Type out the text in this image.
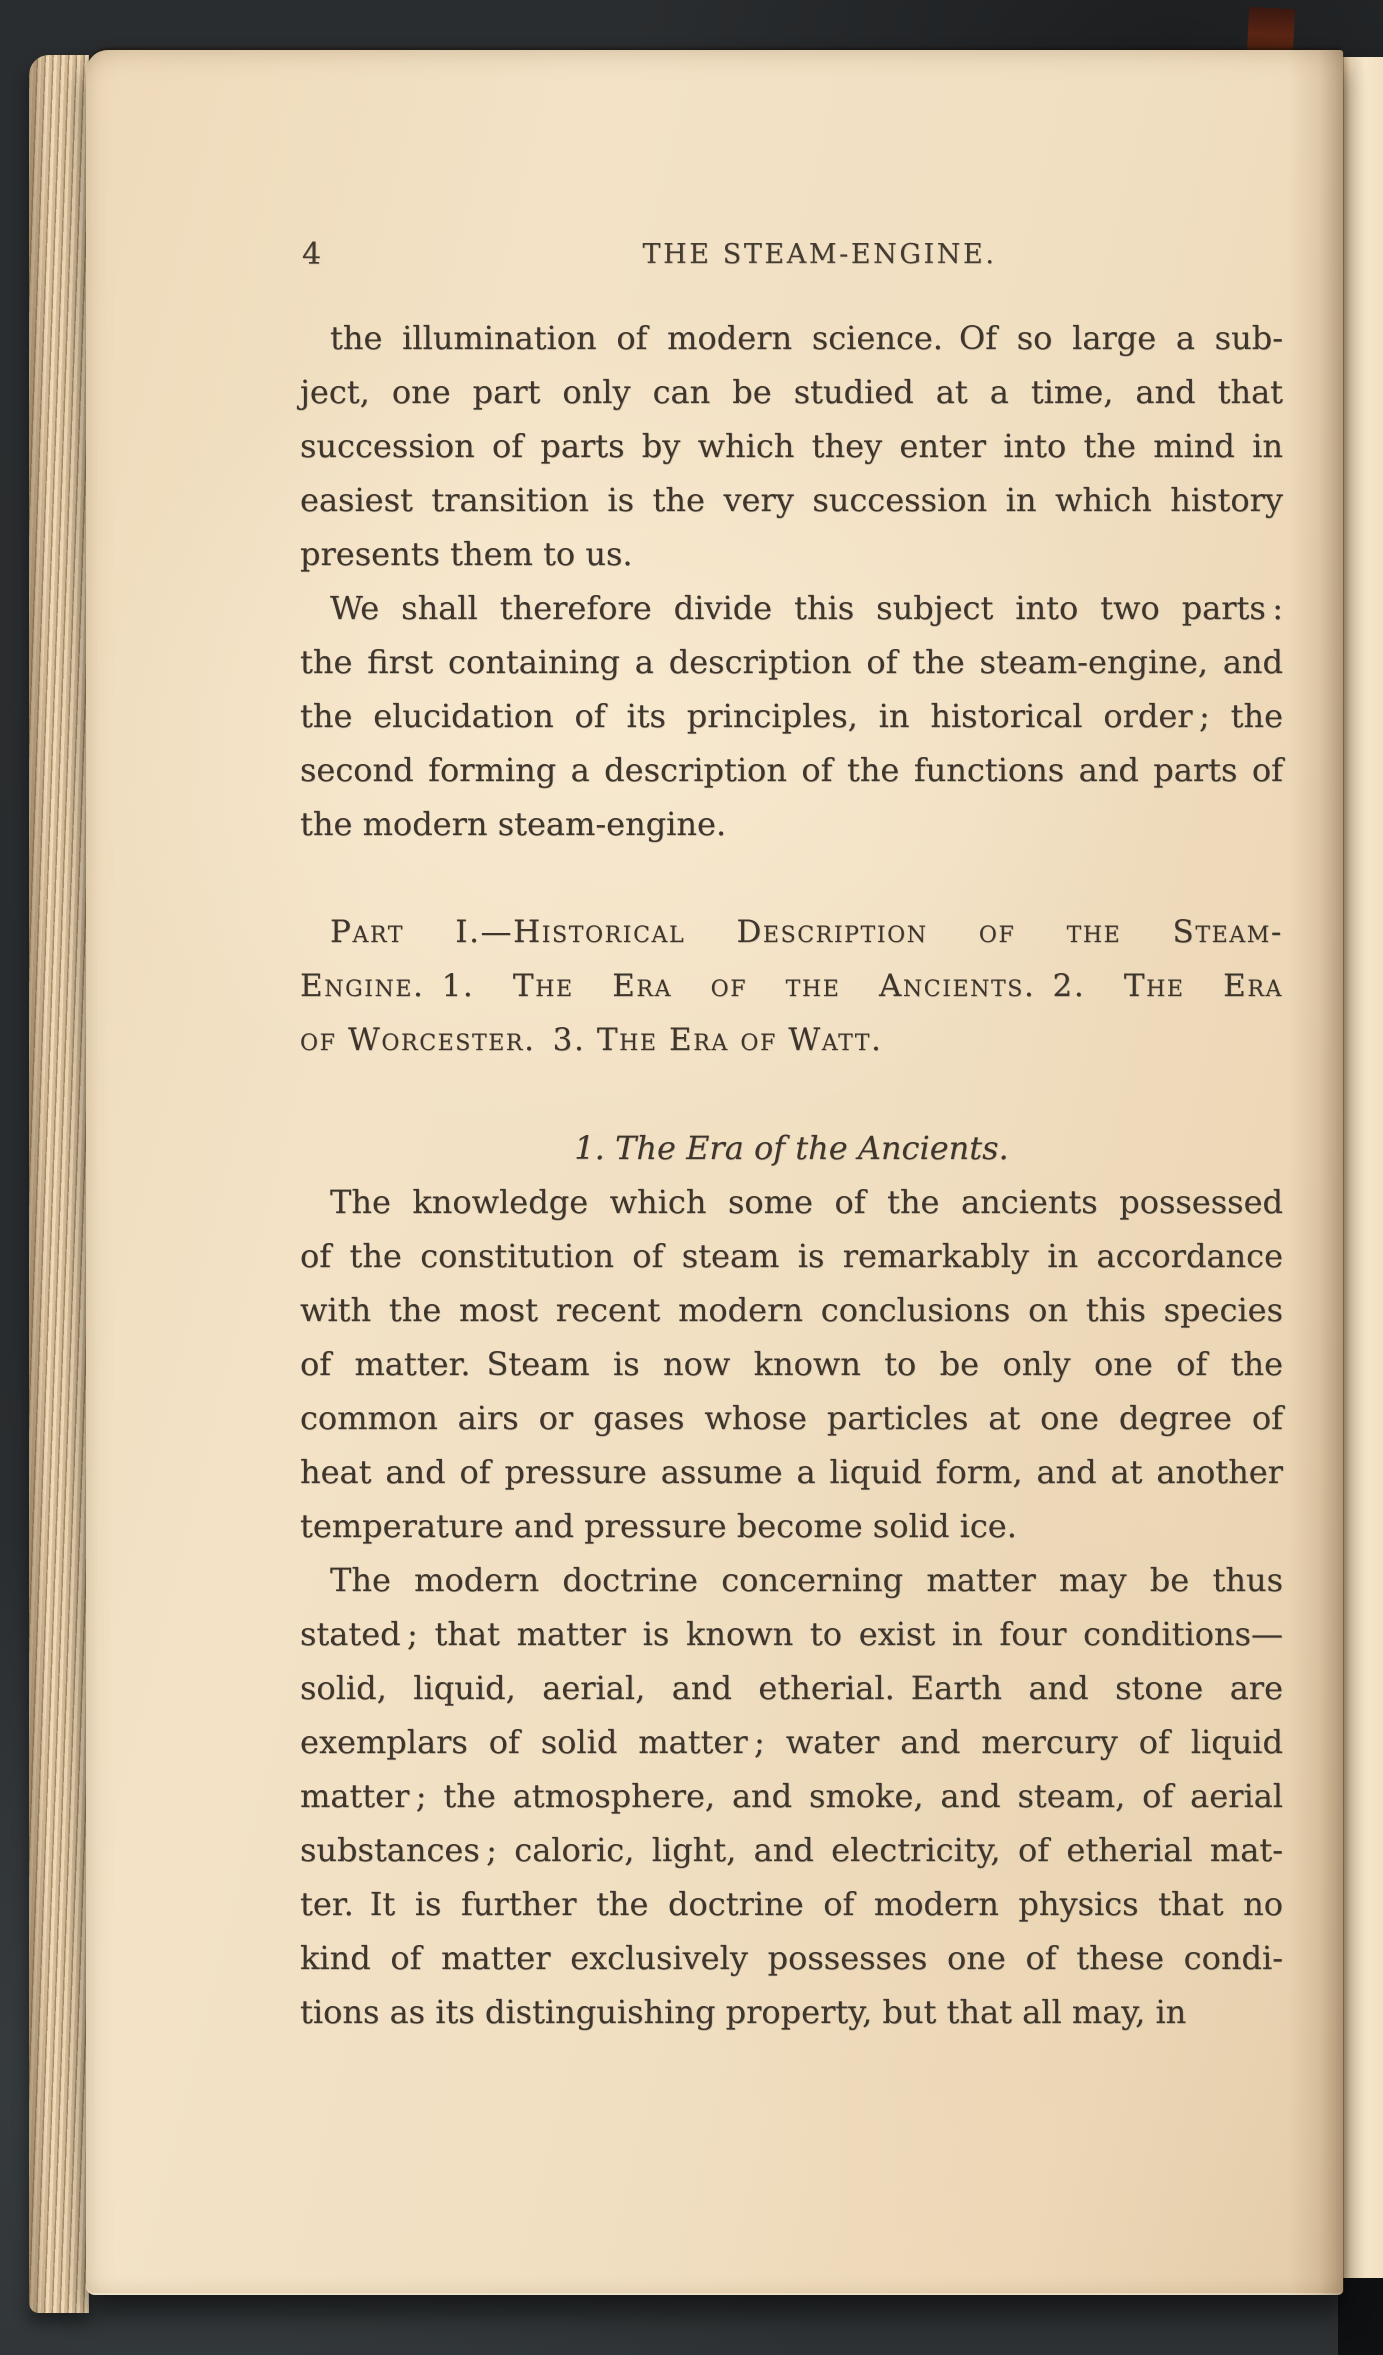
4	THE STEAM-ENGINE.
the illumination of modern science. Of so large a sub-
ject, one part only can be studied at a time, and that
succession of parts by which they enter into the mind in
easiest transition is the very succession in which history
presents them to us.
We shall therefore divide this subject into two parts :
the first containing a description of the steam-engine, and
the elucidation of its principles, in historical order ; the
second forming a description of the functions and parts of
the modern steam-engine.
Part I.—Historical Description of the Steam-
Engine. 1. The Era of the Ancients. 2. The Era
of Worcester. 3. The Era of Watt.
1. The Era of the Ancients.
The knowledge which some of the ancients possessed
of the constitution of steam is remarkably in accordance
with the most recent modern conclusions on this species
of matter. Steam is now known to be only one of the
common airs or gases whose particles at one degree of
heat and of pressure assume a liquid form, and at another
temperature and pressure become solid ice.
The modern doctrine concerning matter may be thus
stated ; that matter is known to exist in four conditions—
solid, liquid, aerial, and etherial. Earth and stone are
exemplars of solid matter ; water and mercury of liquid
matter ; the atmosphere, and smoke, and steam, of aerial
substances ; caloric, light, and electricity, of etherial mat-
ter. It is further the doctrine of modern physics that no
kind of matter exclusively possesses one of these condi-
tions as its distinguishing property, but that all may, in
